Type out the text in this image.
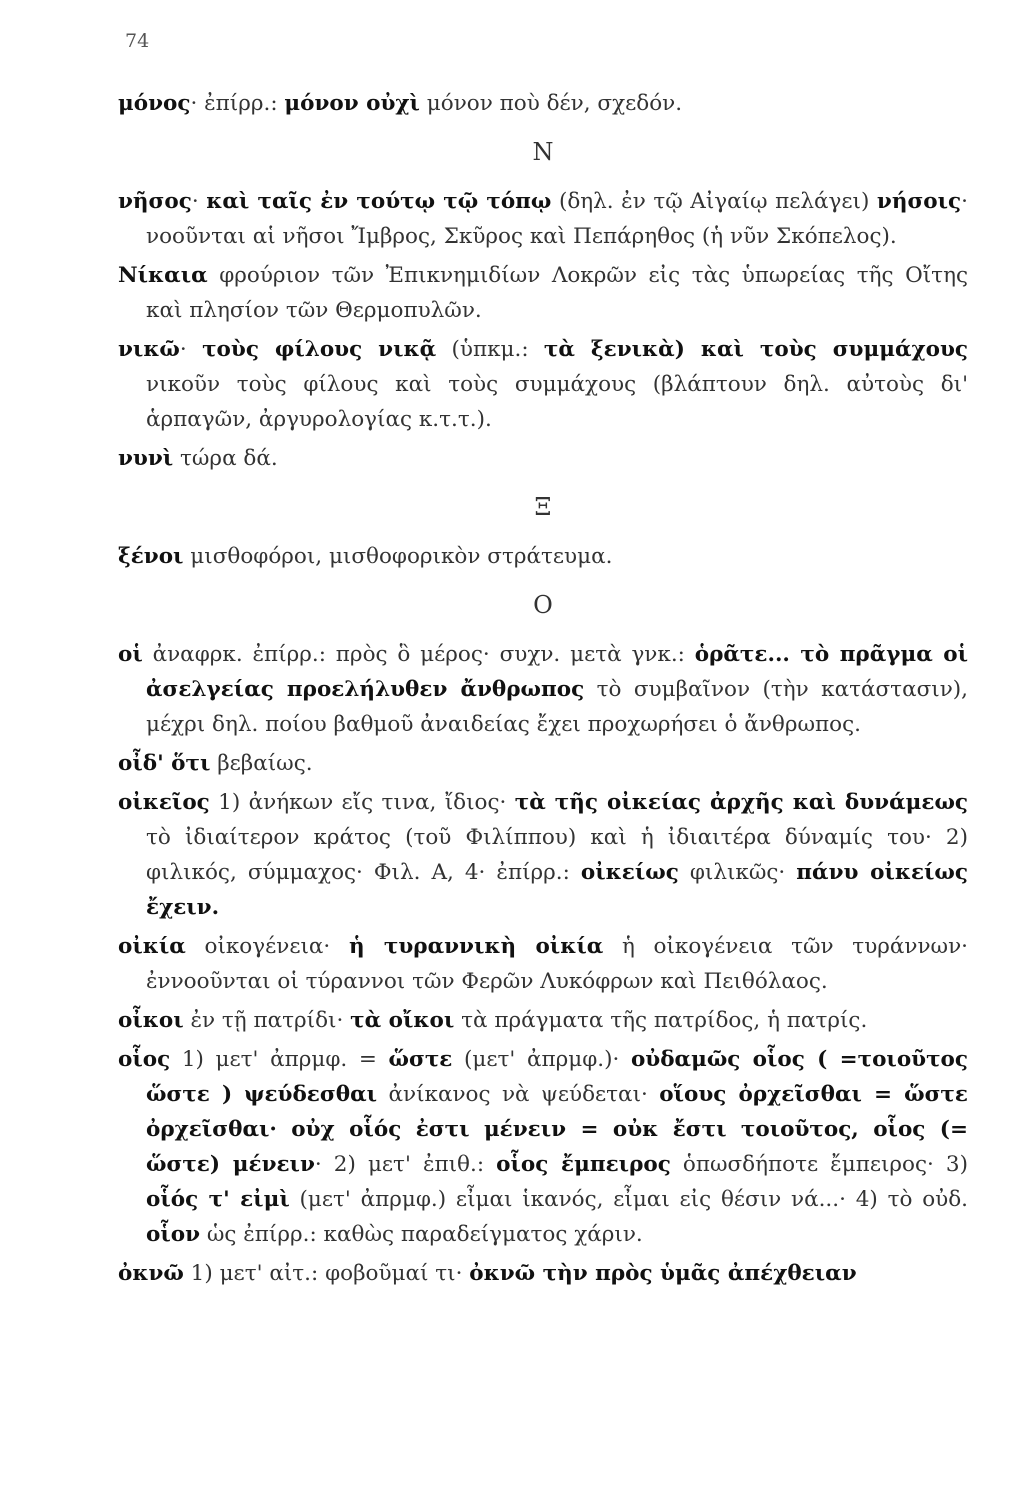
74

μόνος· ἐπίρρ.: μόνον οὐχὶ μόνον ποὺ δέν, σχεδόν.

Ν

νῆσος· καὶ ταῖς ἐν τούτῳ τῷ τόπῳ (δηλ. ἐν τῷ Αἰγαίῳ πελάγει) νήσοις· νοοῦνται αἱ νῆσοι Ἴμβρος, Σκῦρος καὶ Πεπάρηθος (ἡ νῦν Σκόπελος).

Νίκαια φρούριον τῶν Ἐπικνημιδίων Λοκρῶν εἰς τὰς ὑπωρείας τῆς Οἴτης καὶ πλησίον τῶν Θερμοπυλῶν.

νικῶ· τοὺς φίλους νικᾷ (ὑπκμ.: τὰ ξενικὰ) καὶ τοὺς συμμάχους νικοῦν τοὺς φίλους καὶ τοὺς συμμάχους (βλάπτουν δηλ. αὐτοὺς δι' ἁρπαγῶν, ἀργυρολογίας κ.τ.τ.).

νυνὶ τώρα δά.

Ξ

ξένοι μισθοφόροι, μισθοφορικὸν στράτευμα.

Ο

οἱ ἀναφρκ. ἐπίρρ.: πρὸς ὃ μέρος· συχν. μετὰ γνκ.: ὁρᾶτε... τὸ πρᾶγμα οἱ ἀσελγείας προελήλυθεν ἄνθρωπος τὸ συμβαῖνον (τὴν κατάστασιν), μέχρι δηλ. ποίου βαθμοῦ ἀναιδείας ἔχει προχωρήσει ὁ ἄνθρωπος.

οἶδ' ὅτι βεβαίως.

οἰκεῖος 1) ἀνήκων εἴς τινα, ἴδιος· τὰ τῆς οἰκείας ἀρχῆς καὶ δυνάμεως τὸ ἰδιαίτερον κράτος (τοῦ Φιλίππου) καὶ ἡ ἰδιαιτέρα δύναμίς του· 2) φιλικός, σύμμαχος· Φιλ. Α, 4· ἐπίρρ.: οἰκείως φιλικῶς· πάνυ οἰκείως ἔχειν.

οἰκία οἰκογένεια· ἡ τυραννικὴ οἰκία ἡ οἰκογένεια τῶν τυράννων· ἐννοοῦνται οἱ τύραννοι τῶν Φερῶν Λυκόφρων καὶ Πειθόλαος.

οἶκοι ἐν τῇ πατρίδι· τὰ οἴκοι τὰ πράγματα τῆς πατρίδος, ἡ πατρίς.

οἷος 1) μετ' ἀπρμφ. = ὥστε (μετ' ἀπρμφ.)· οὐδαμῶς οἷος ( =τοιοῦτος ὥστε ) ψεύδεσθαι ἀνίκανος νὰ ψεύδεται· οἵους ὀρχεῖσθαι = ὥστε ὀρχεῖσθαι· οὐχ οἷός ἐστι μένειν = οὐκ ἔστι τοιοῦτος, οἷος (= ὥστε) μένειν· 2) μετ' ἐπιθ.: οἷος ἔμπειρος ὁπωσδήποτε ἔμπειρος· 3) οἷός τ' εἰμὶ (μετ' ἀπρμφ.) εἶμαι ἱκανός, εἶμαι εἰς θέσιν νά...· 4) τὸ οὐδ. οἷον ὡς ἐπίρρ.: καθὼς παραδείγματος χάριν.

ὀκνῶ 1) μετ' αἰτ.: φοβοῦμαί τι· ὀκνῶ τὴν πρὸς ὑμᾶς ἀπέχθειαν
